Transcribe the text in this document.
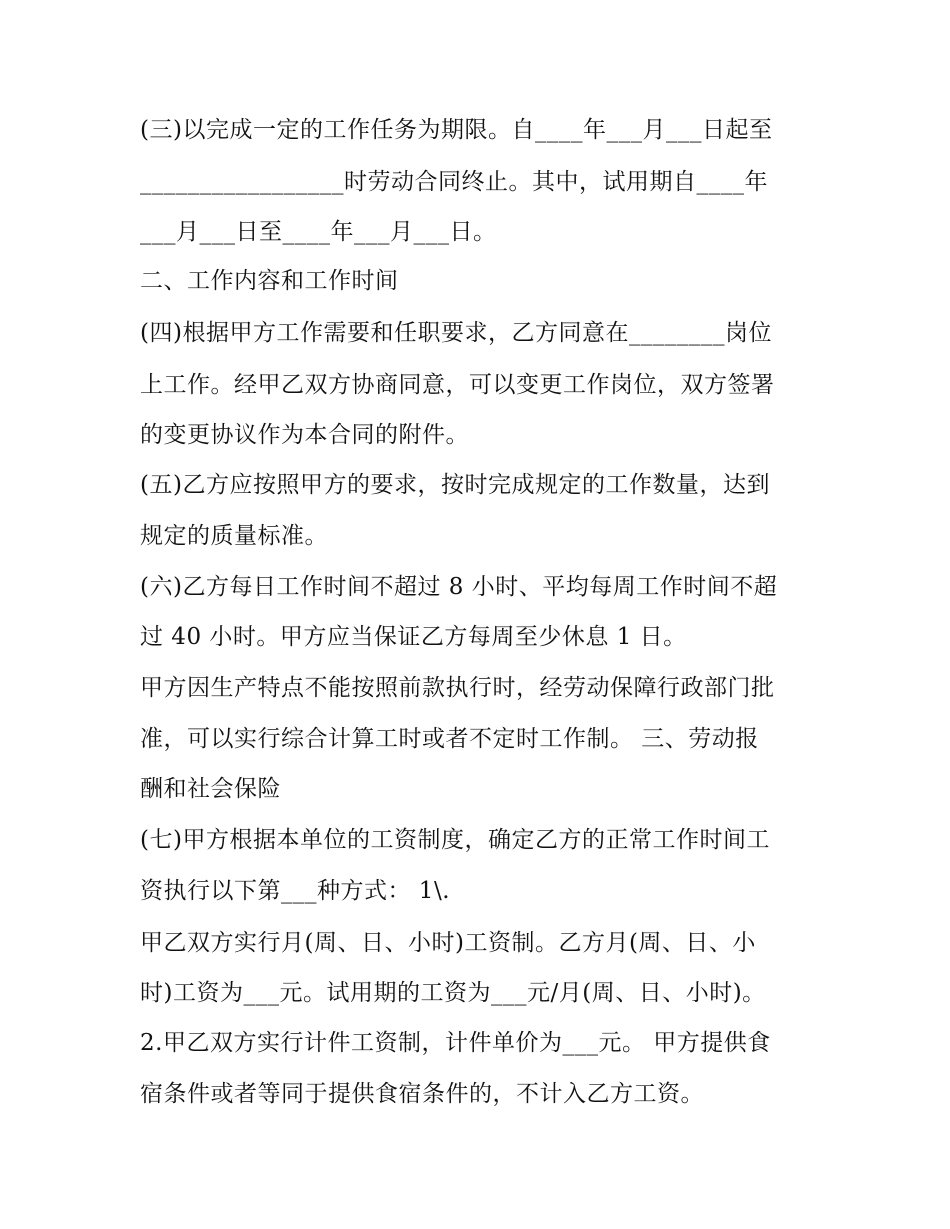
(三)以完成一定的工作任务为期限。自____年___月___日起至
_________________时劳动合同终止。其中，试用期自____年
___月___日至____年___月___日。
二、工作内容和工作时间
(四)根据甲方工作需要和任职要求，乙方同意在________岗位
上工作。经甲乙双方协商同意，可以变更工作岗位，双方签署
的变更协议作为本合同的附件。
(五)乙方应按照甲方的要求，按时完成规定的工作数量，达到
规定的质量标准。
(六)乙方每日工作时间不超过 8 小时、平均每周工作时间不超
过 40 小时。甲方应当保证乙方每周至少休息 1 日。
甲方因生产特点不能按照前款执行时，经劳动保障行政部门批
准，可以实行综合计算工时或者不定时工作制。 三、劳动报
酬和社会保险
(七)甲方根据本单位的工资制度，确定乙方的正常工作时间工
资执行以下第___种方式： 1\.
甲乙双方实行月(周、日、小时)工资制。乙方月(周、日、小
时)工资为___元。试用期的工资为___元/月(周、日、小时)。
2.甲乙双方实行计件工资制，计件单价为___元。 甲方提供食
宿条件或者等同于提供食宿条件的，不计入乙方工资。
